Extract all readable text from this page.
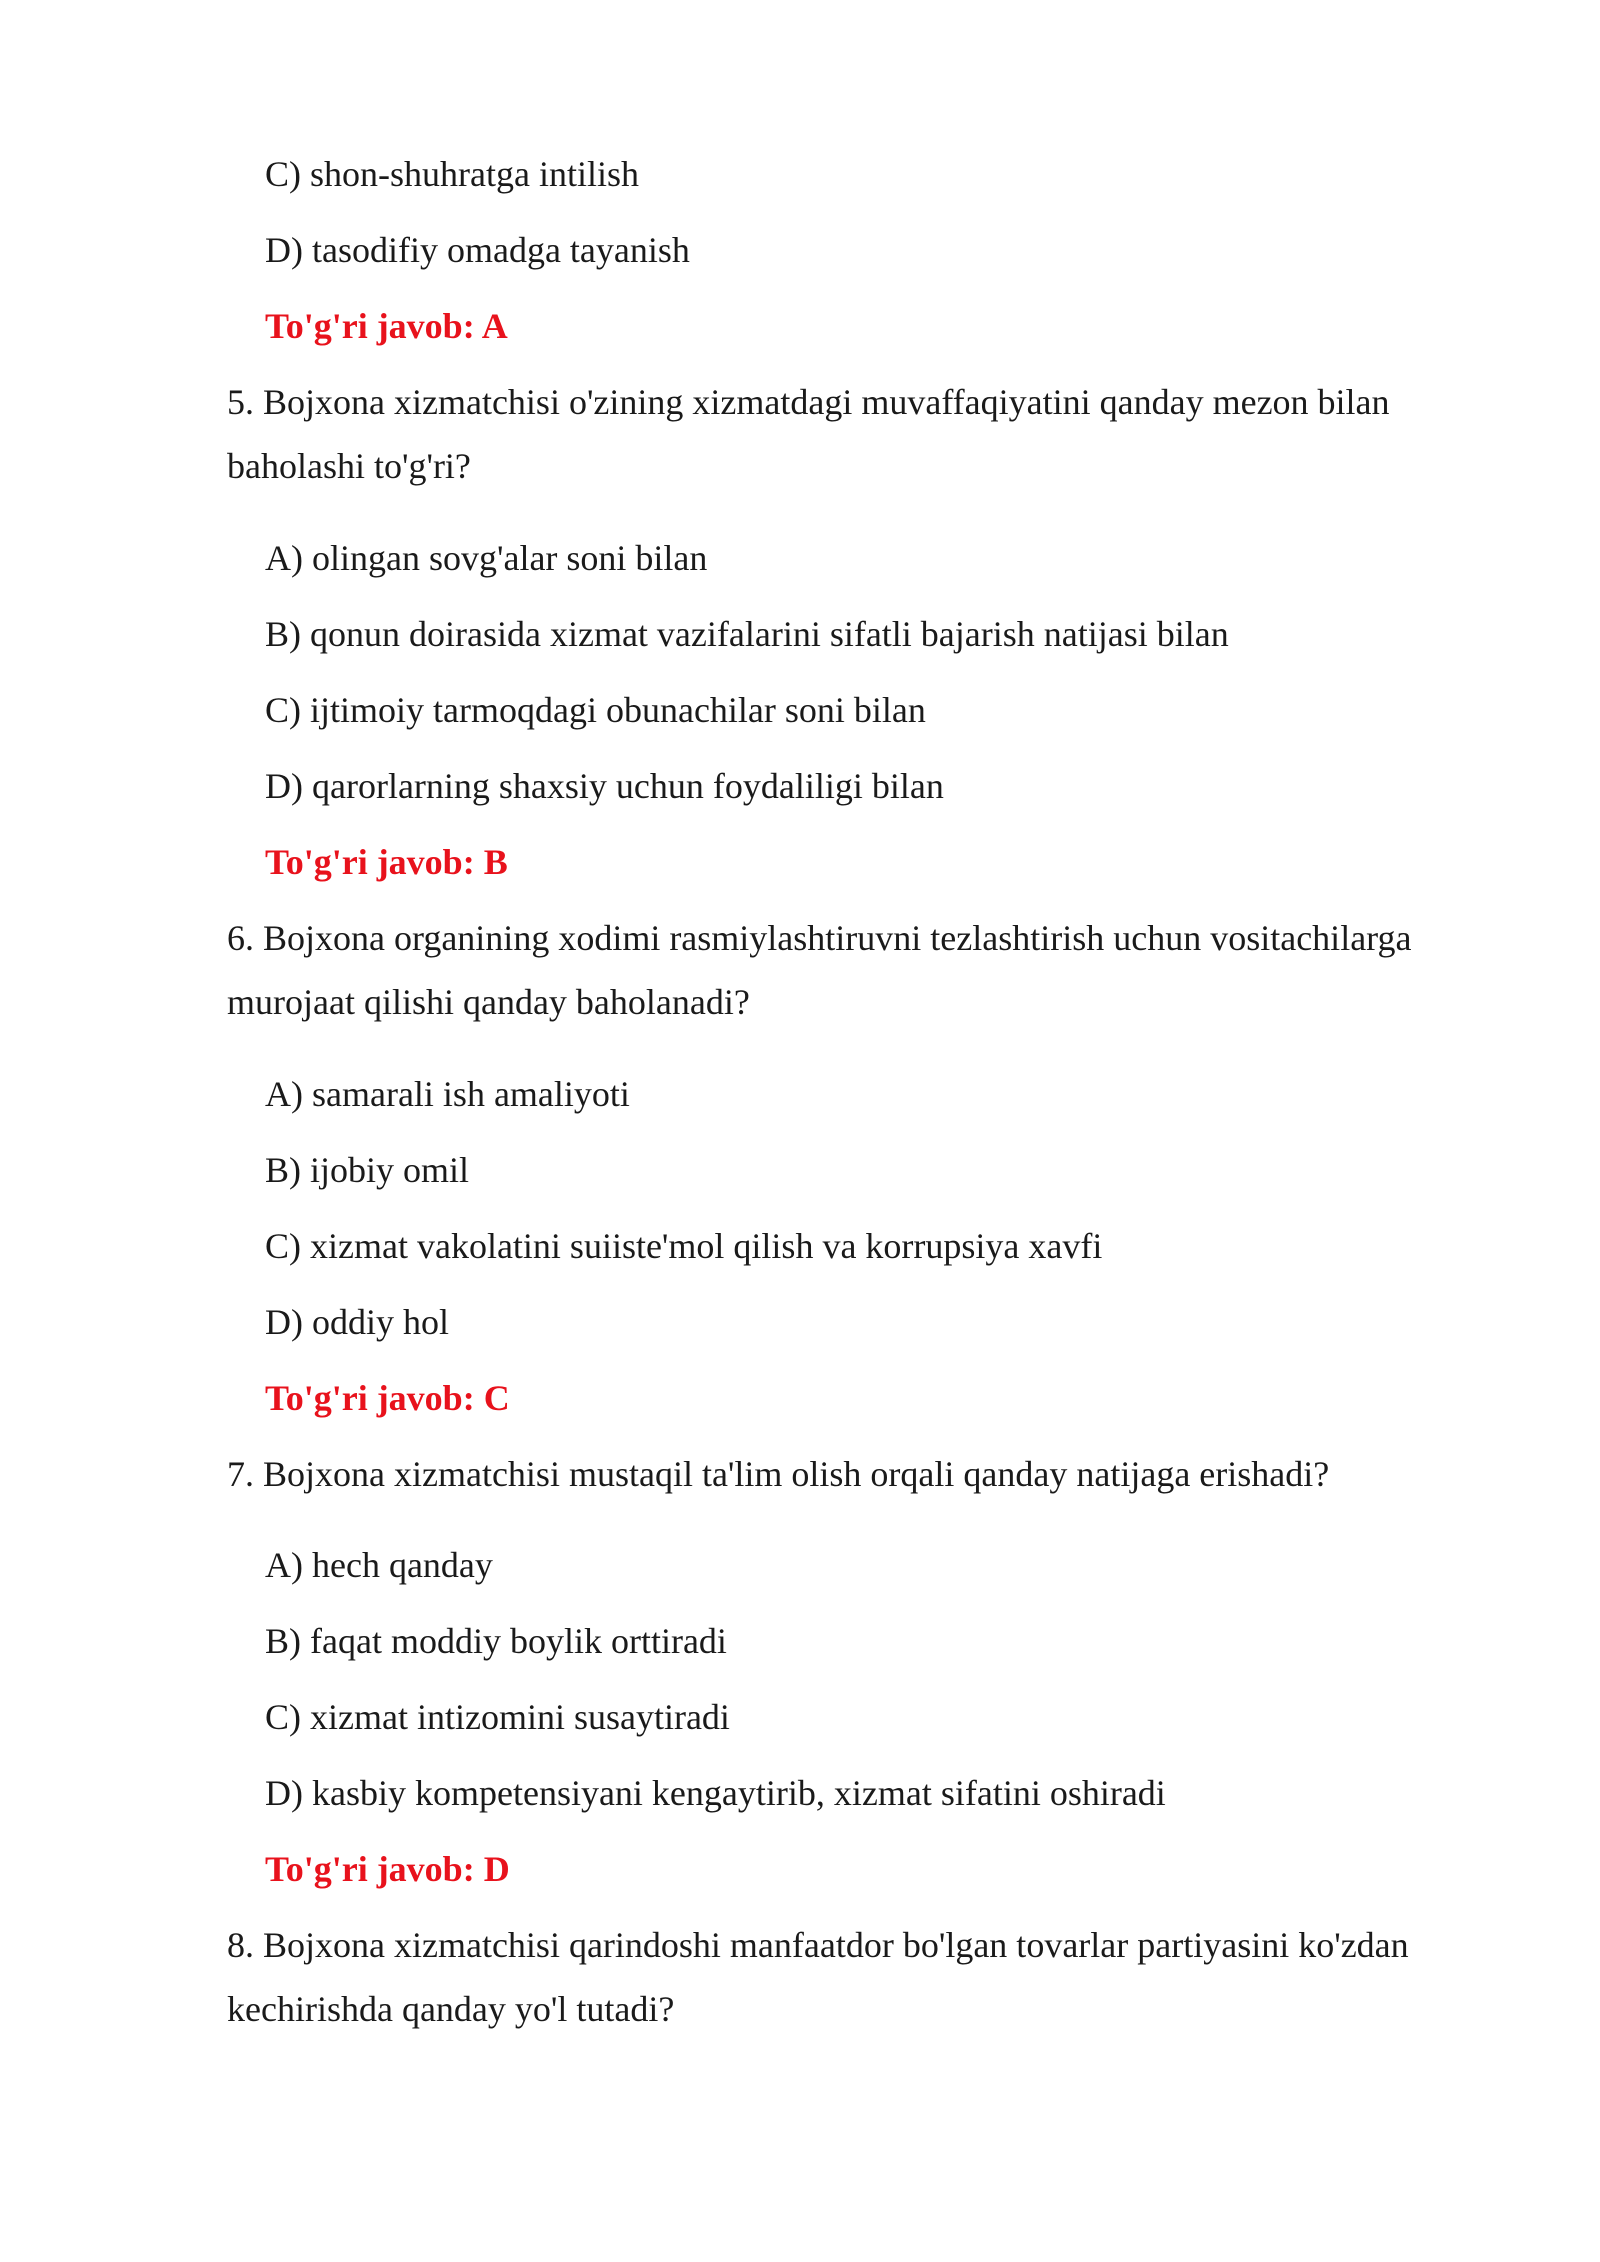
C) shon-shuhratga intilish

D) tasodifiy omadga tayanish

To'g'ri javob: A

5. Bojxona xizmatchisi o'zining xizmatdagi muvaffaqiyatini qanday mezon bilan baholashi to'g'ri?

A) olingan sovg'alar soni bilan

B) qonun doirasida xizmat vazifalarini sifatli bajarish natijasi bilan

C) ijtimoiy tarmoqdagi obunachilar soni bilan

D) qarorlarning shaxsiy uchun foydaliligi bilan

To'g'ri javob: B

6. Bojxona organining xodimi rasmiylashtiruvni tezlashtirish uchun vositachilarga murojaat qilishi qanday baholanadi?

A) samarali ish amaliyoti

B) ijobiy omil

C) xizmat vakolatini suiiste'mol qilish va korrupsiya xavfi

D) oddiy hol

To'g'ri javob: C

7. Bojxona xizmatchisi mustaqil ta'lim olish orqali qanday natijaga erishadi?

A) hech qanday

B) faqat moddiy boylik orttiradi

C) xizmat intizomini susaytiradi

D) kasbiy kompetensiyani kengaytirib, xizmat sifatini oshiradi

To'g'ri javob: D

8. Bojxona xizmatchisi qarindoshi manfaatdor bo'lgan tovarlar partiyasini ko'zdan kechirishda qanday yo'l tutadi?
